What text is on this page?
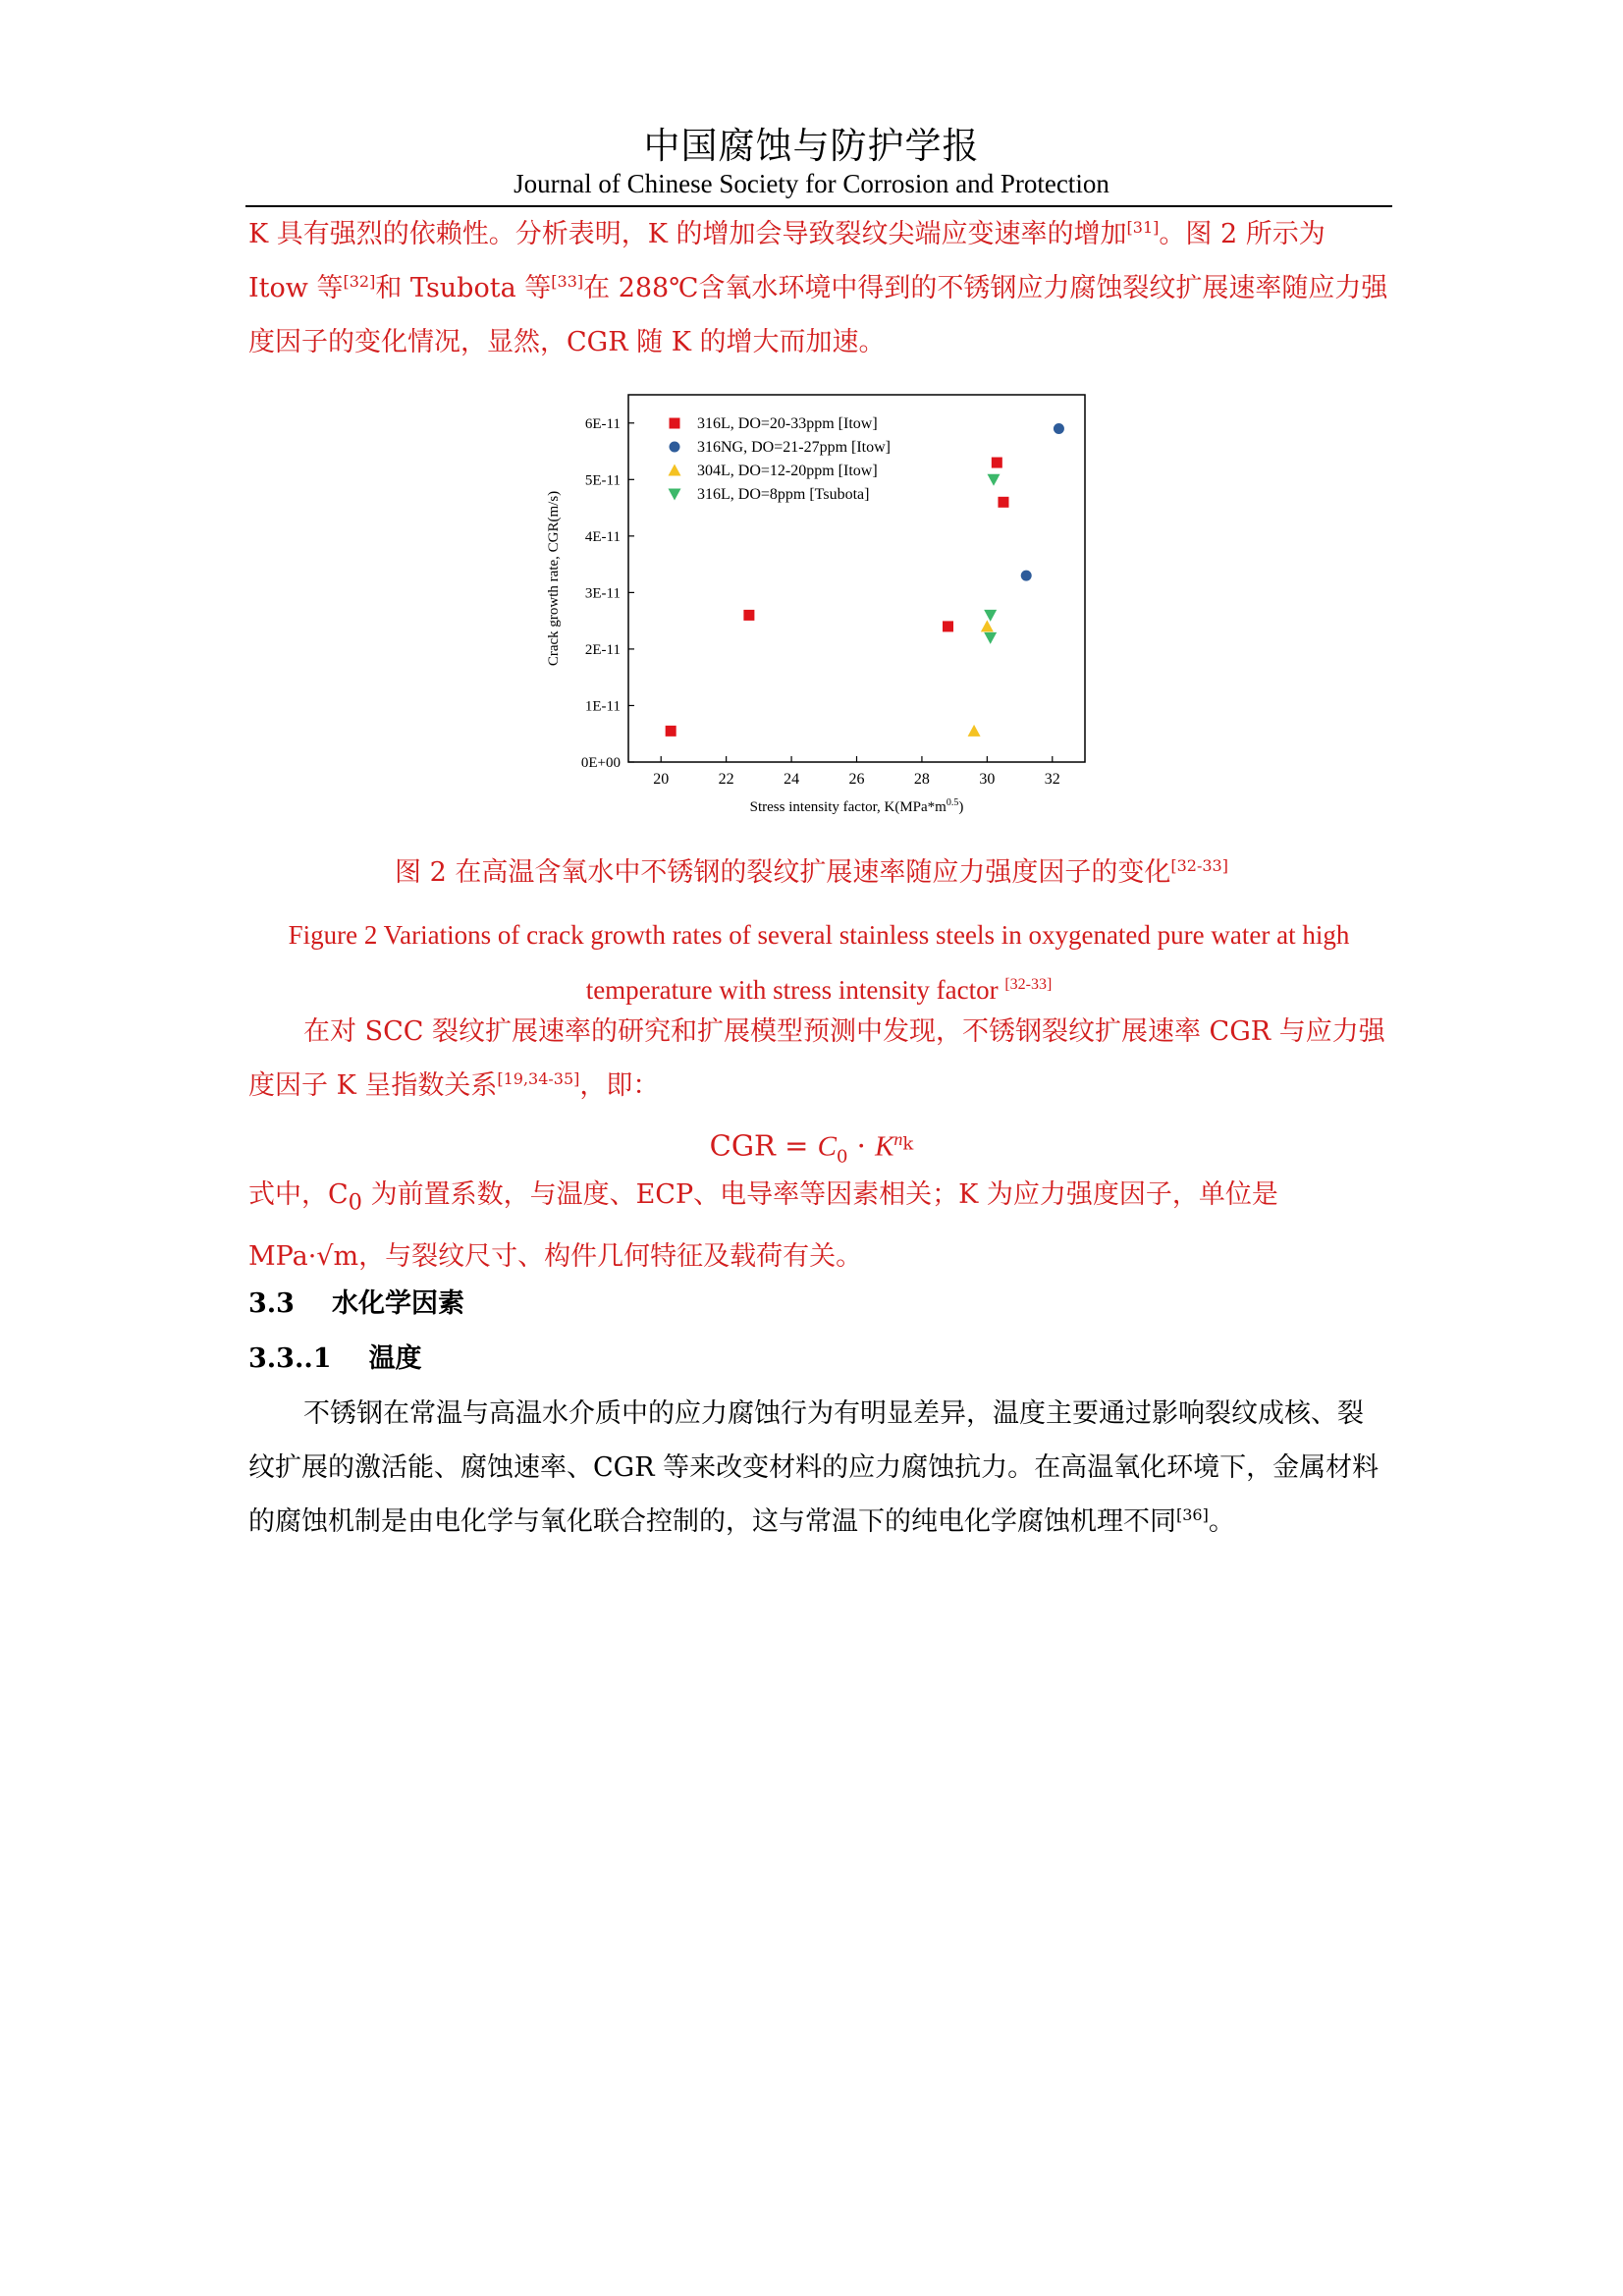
中国腐蚀与防护学报
Journal of Chinese Society for Corrosion and Protection
K 具有强烈的依赖性。分析表明，K 的增加会导致裂纹尖端应变速率的增加[31]。图 2 所示为 Itow 等[32]和 Tsubota 等[33]在 288℃含氧水环境中得到的不锈钢应力腐蚀裂纹扩展速率随应力强度因子的变化情况，显然，CGR 随 K 的增大而加速。
20	22	24	26	28	30	32
0E+00
1E-11
2E-11
3E-11
4E-11
5E-11
6E-11
Stress intensity factor, $K(MPa*m^{0.5})$
Crack growth rate, CGR(m/s)
316L, DO=20-33ppm [Itow]
316NG, DO=21-27ppm [Itow]
304L, DO=12-20ppm [Itow]
316L, DO=8ppm [Tsubota]
图 2 在高温含氧水中不锈钢的裂纹扩展速率随应力强度因子的变化[32-33]
Figure 2 Variations of crack growth rates of several stainless steels in oxygenated pure water at high temperature with stress intensity factor [32-33]
在对 SCC 裂纹扩展速率的研究和扩展模型预测中发现，不锈钢裂纹扩展速率 CGR 与应力强度因子 K 呈指数关系[19,34-35]，即：
CGR = $C_0 \cdot K^{n_k}$
式中，$C_0$ 为前置系数，与温度、ECP、电导率等因素相关；K 为应力强度因子，单位是 MPa·√m，与裂纹尺寸、构件几何特征及载荷有关。
3.3 水化学因素
3.3..1 温度
不锈钢在常温与高温水介质中的应力腐蚀行为有明显差异，温度主要通过影响裂纹成核、裂纹扩展的激活能、腐蚀速率、CGR 等来改变材料的应力腐蚀抗力。在高温氧化环境下，金属材料的腐蚀机制是由电化学与氧化联合控制的，这与常温下的纯电化学腐蚀机理不同[36]。
